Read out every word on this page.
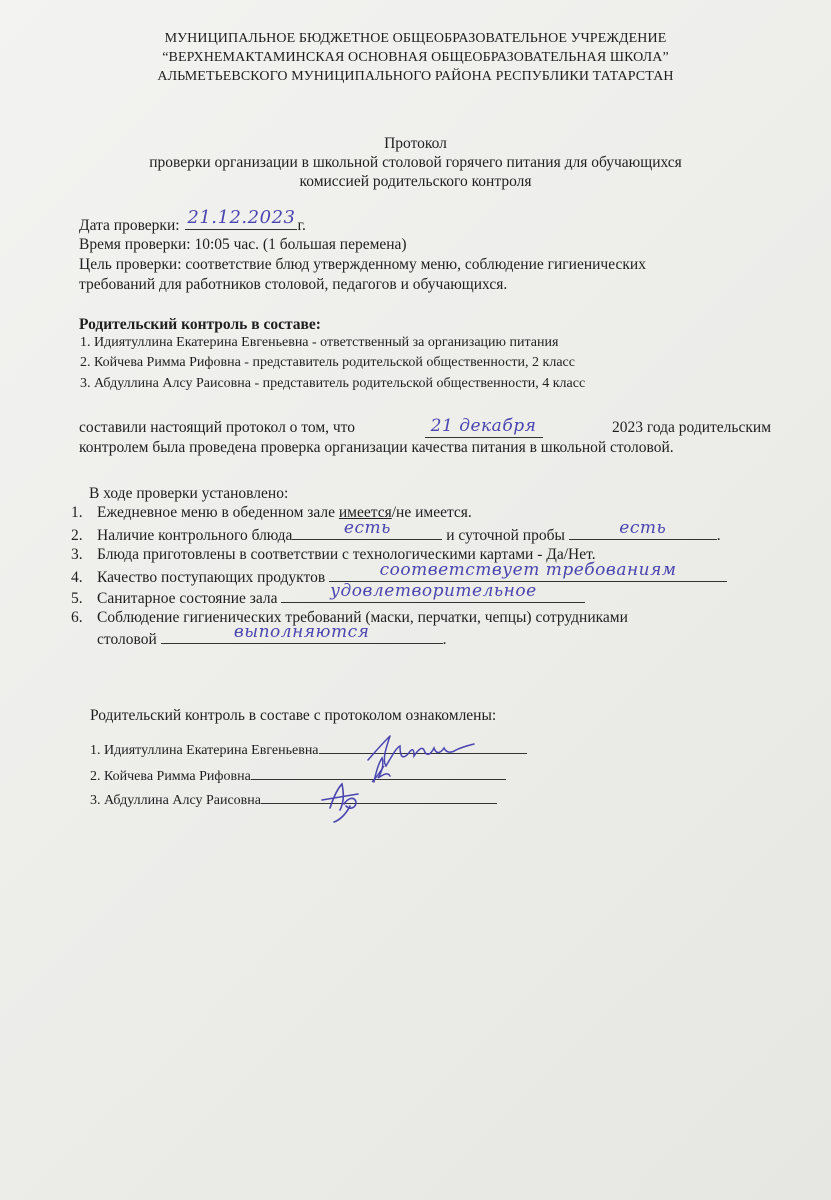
МУНИЦИПАЛЬНОЕ БЮДЖЕТНОЕ ОБЩЕОБРАЗОВАТЕЛЬНОЕ УЧРЕЖДЕНИЕ
“ВЕРХНЕМАКТАМИНСКАЯ ОСНОВНАЯ ОБЩЕОБРАЗОВАТЕЛЬНАЯ ШКОЛА”
АЛЬМЕТЬЕВСКОГО МУНИЦИПАЛЬНОГО РАЙОНА РЕСПУБЛИКИ ТАТАРСТАН
Протокол
проверки организации в школьной столовой горячего питания для обучающихся
комиссией родительского контроля
Дата проверки: 21.12.2023 г.
Время проверки: 10:05 час. (1 большая перемена)
Цель проверки: соответствие блюд утвержденному меню, соблюдение гигиенических
требований для работников столовой, педагогов и обучающихся.
Родительский контроль в составе:
1. Идиятуллина Екатерина Евгеньевна - ответственный за организацию питания
2. Койчева Римма Рифовна - представитель родительской общественности, 2 класс
3. Абдуллина Алсу Раисовна - представитель родительской общественности, 4 класс
составили настоящий протокол о том, что	21 декабря	2023 года родительским
контролем была проведена проверка организации качества питания в школьной столовой.
В ходе проверки установлено:
1. Ежедневное меню в обеденном зале имеется/не имеется.
2. Наличие контрольного блюда	есть	и суточной пробы	есть	.
3. Блюда приготовлены в соответствии с технологическими картами - Да/Нет.
4. Качество поступающих продуктов	соответствует требованиям
5. Санитарное состояние зала	удовлетворительное
6. Соблюдение гигиенических требований (маски, перчатки, чепцы) сотрудниками
столовой	выполняются	.
Родительский контроль в составе с протоколом ознакомлены:
1. Идиятуллина Екатерина Евгеньевна
2. Койчева Римма Рифовна
3. Абдуллина Алсу Раисовна
